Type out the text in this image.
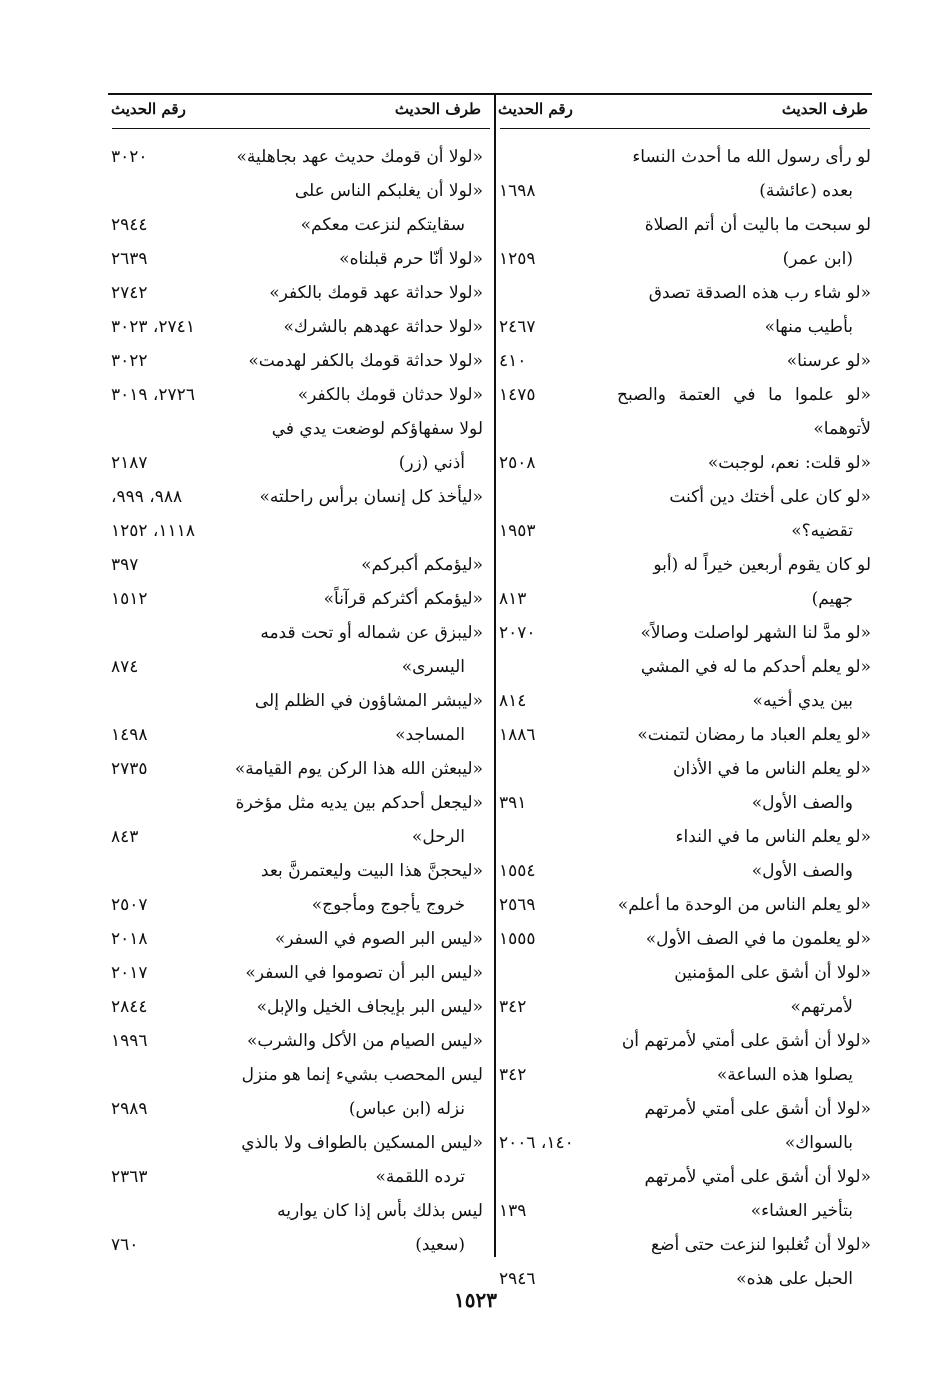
طرف الحديث
رقم الحديث
طرف الحديث
رقم الحديث
لو رأى رسول الله ما أحدث النساء
بعده (عائشة)
١٦٩٨
لو سبحت ما باليت أن أتم الصلاة
(ابن عمر)
١٢٥٩
«لو شاء رب هذه الصدقة تصدق
بأطيب منها»
٢٤٦٧
«لو عرسنا»
٤١٠
«لو علموا ما في العتمة والصبح لأتوهما»
١٤٧٥
«لو قلت: نعم، لوجبت»
٢٥٠٨
«لو كان على أختك دين أكنت
تقضيه؟»
١٩٥٣
لو كان يقوم أربعين خيراً له (أبو
جهيم)
٨١٣
«لو مدَّ لنا الشهر لواصلت وصالاً»
٢٠٧٠
«لو يعلم أحدكم ما له في المشي
بين يدي أخيه»
٨١٤
«لو يعلم العباد ما رمضان لتمنت»
١٨٨٦
«لو يعلم الناس ما في الأذان
والصف الأول»
٣٩١
«لو يعلم الناس ما في النداء
والصف الأول»
١٥٥٤
«لو يعلم الناس من الوحدة ما أعلم»
٢٥٦٩
«لو يعلمون ما في الصف الأول»
١٥٥٥
«لولا أن أشق على المؤمنين
لأمرتهم»
٣٤٢
«لولا أن أشق على أمتي لأمرتهم أن
يصلوا هذه الساعة»
٣٤٢
«لولا أن أشق على أمتي لأمرتهم
بالسواك»
١٤٠، ٢٠٠٦
«لولا أن أشق على أمتي لأمرتهم
بتأخير العشاء»
١٣٩
«لولا أن تُغلبوا لنزعت حتى أضع
الحبل على هذه»
٢٩٤٦
«لولا أن قومك حديث عهد بجاهلية»
٣٠٢٠
«لولا أن يغلبكم الناس على
سقايتكم لنزعت معكم»
٢٩٤٤
«لولا أنّا حرم قبلناه»
٢٦٣٩
«لولا حداثة عهد قومك بالكفر»
٢٧٤٢
«لولا حداثة عهدهم بالشرك»
٢٧٤١، ٣٠٢٣
«لولا حداثة قومك بالكفر لهدمت»
٣٠٢٢
«لولا حدثان قومك بالكفر»
٢٧٢٦، ٣٠١٩
لولا سفهاؤكم لوضعت يدي في
أذني (زر)
٢١٨٧
«ليأخذ كل إنسان برأس راحلته»
٩٨٨، ٩٩٩،

١١١٨، ١٢٥٢
«ليؤمكم أكبركم»
٣٩٧
«ليؤمكم أكثركم قرآناً»
١٥١٢
«ليبزق عن شماله أو تحت قدمه
اليسرى»
٨٧٤
«ليبشر المشاؤون في الظلم إلى
المساجد»
١٤٩٨
«ليبعثن الله هذا الركن يوم القيامة»
٢٧٣٥
«ليجعل أحدكم بين يديه مثل مؤخرة
الرحل»
٨٤٣
«ليحجنَّ هذا البيت وليعتمرنَّ بعد
خروج يأجوج ومأجوج»
٢٥٠٧
«ليس البر الصوم في السفر»
٢٠١٨
«ليس البر أن تصوموا في السفر»
٢٠١٧
«ليس البر بإيجاف الخيل والإبل»
٢٨٤٤
«ليس الصيام من الأكل والشرب»
١٩٩٦
ليس المحصب بشيء إنما هو منزل
نزله (ابن عباس)
٢٩٨٩
«ليس المسكين بالطواف ولا بالذي
ترده اللقمة»
٢٣٦٣
ليس بذلك بأس إذا كان يواريه
(سعيد)
٧٦٠
١٥٢٣
